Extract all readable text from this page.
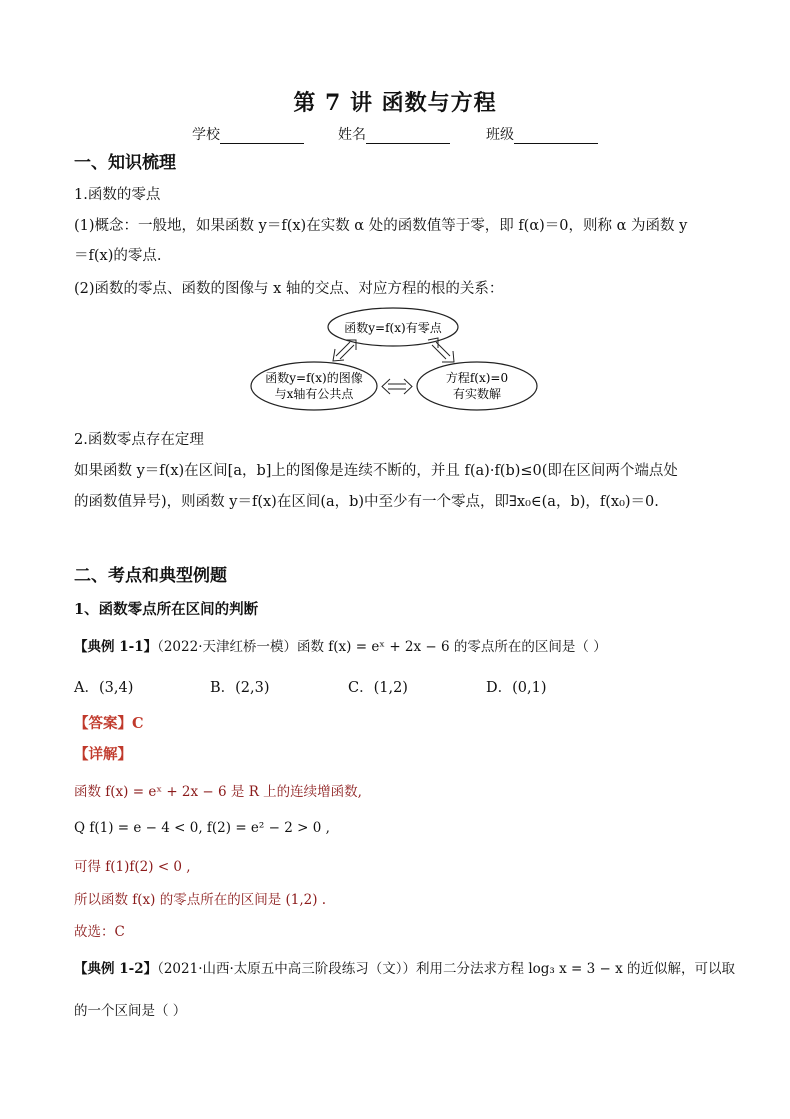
第 7 讲 函数与方程
学校	姓名	班级
一、知识梳理
1.函数的零点
(1)概念：一般地，如果函数 y＝f(x)在实数 α 处的函数值等于零，即 f(α)＝0，则称 α 为函数 y
＝f(x)的零点.
(2)函数的零点、函数的图像与 x 轴的交点、对应方程的根的关系：
函数y=f(x)有零点
函数y=f(x)的图像
与x轴有公共点
方程f(x)=0
有实数解
2.函数零点存在定理
如果函数 y＝f(x)在区间[a，b]上的图像是连续不断的，并且 f(a)·f(b)≤0(即在区间两个端点处
的函数值异号)，则函数 y＝f(x)在区间(a，b)中至少有一个零点，即∃x₀∈(a，b)，f(x₀)＝0.
二、考点和典型例题
1、函数零点所在区间的判断
【典例 1-1】（2022·天津红桥一模）函数 f(x) = eˣ + 2x − 6 的零点所在的区间是（ ）
A．(3,4)	B．(2,3)	C．(1,2)	D．(0,1)
【答案】C
【详解】
函数 f(x) = eˣ + 2x − 6 是 R 上的连续增函数,
Q f(1) = e − 4 < 0, f(2) = e² − 2 > 0 ,
可得 f(1)f(2) < 0 ,
所以函数 f(x) 的零点所在的区间是 (1,2) .
故选：C
【典例 1-2】（2021·山西·太原五中高三阶段练习（文））利用二分法求方程 log₃ x = 3 − x 的近似解，可以取
的一个区间是（ ）
